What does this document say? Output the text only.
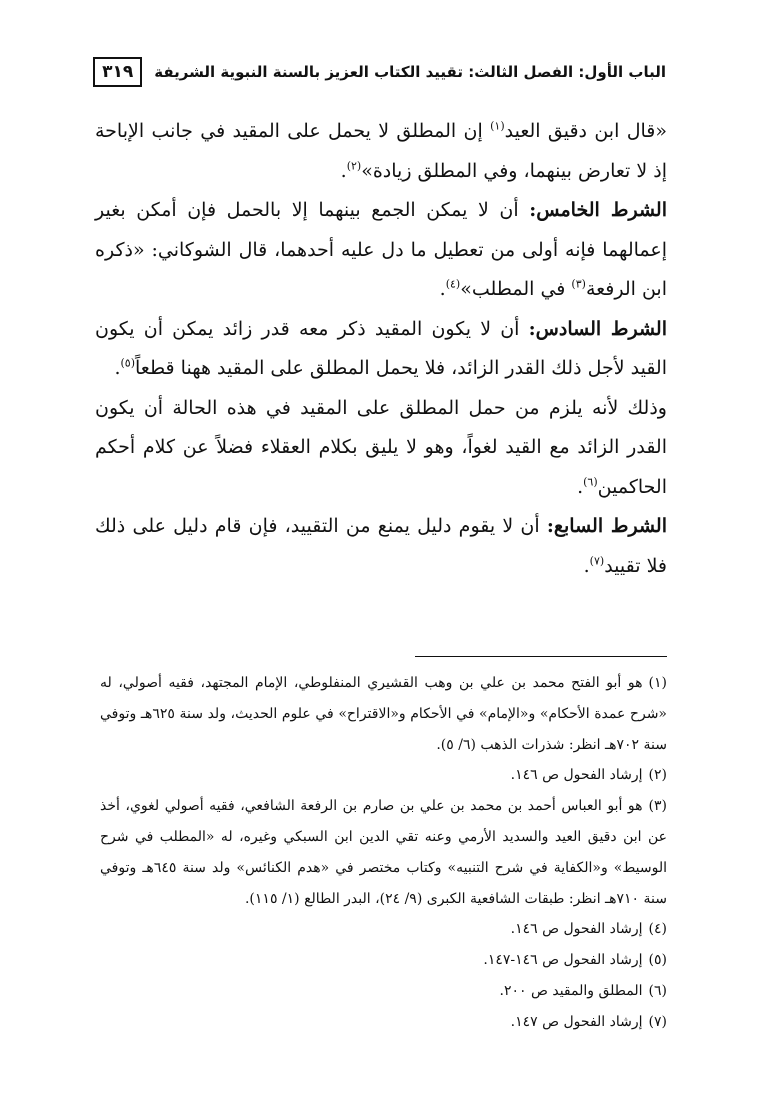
الباب الأول: الفصل الثالث: تقييد الكتاب العزيز بالسنة النبوية الشريفة
٣١٩

«قال ابن دقيق العيد$^{(١)}$ إن المطلق لا يحمل على المقيد في جانب الإباحة إذ لا تعارض بينهما، وفي المطلق زيادة»$^{(٢)}$.

الشرط الخامس: أن لا يمكن الجمع بينهما إلا بالحمل فإن أمكن بغير إعمالهما فإنه أولى من تعطيل ما دل عليه أحدهما، قال الشوكاني: «ذكره ابن الرفعة$^{(٣)}$ في المطلب»$^{(٤)}$.

الشرط السادس: أن لا يكون المقيد ذكر معه قدر زائد يمكن أن يكون القيد لأجل ذلك القدر الزائد، فلا يحمل المطلق على المقيد ههنا قطعاً$^{(٥)}$.

وذلك لأنه يلزم من حمل المطلق على المقيد في هذه الحالة أن يكون القدر الزائد مع القيد لغواً، وهو لا يليق بكلام العقلاء فضلاً عن كلام أحكم الحاكمين$^{(٦)}$.

الشرط السابع: أن لا يقوم دليل يمنع من التقييد، فإن قام دليل على ذلك فلا تقييد$^{(٧)}$.

(١)هو أبو الفتح محمد بن علي بن وهب القشيري المنفلوطي، الإمام المجتهد، فقيه أصولي، له «شرح عمدة الأحكام» و«الإمام» في الأحكام و«الاقتراح» في علوم الحديث، ولد سنة ٦٢٥هـ وتوفي سنة ٧٠٢هـ انظر: شذرات الذهب (٦/ ٥).

(٢)إرشاد الفحول ص ١٤٦.

(٣)هو أبو العباس أحمد بن محمد بن علي بن صارم بن الرفعة الشافعي، فقيه أصولي لغوي، أخذ عن ابن دقيق العيد والسديد الأرمي وعنه تقي الدين ابن السبكي وغيره، له «المطلب في شرح الوسيط» و«الكفاية في شرح التنبيه» وكتاب مختصر في «هدم الكنائس» ولد سنة ٦٤٥هـ وتوفي سنة ٧١٠هـ انظر: طبقات الشافعية الكبرى (٩/ ٢٤)، البدر الطالع (١/ ١١٥).

(٤)إرشاد الفحول ص ١٤٦.

(٥)إرشاد الفحول ص ١٤٦-١٤٧.

(٦)المطلق والمقيد ص ٢٠٠.

(٧)إرشاد الفحول ص ١٤٧.
